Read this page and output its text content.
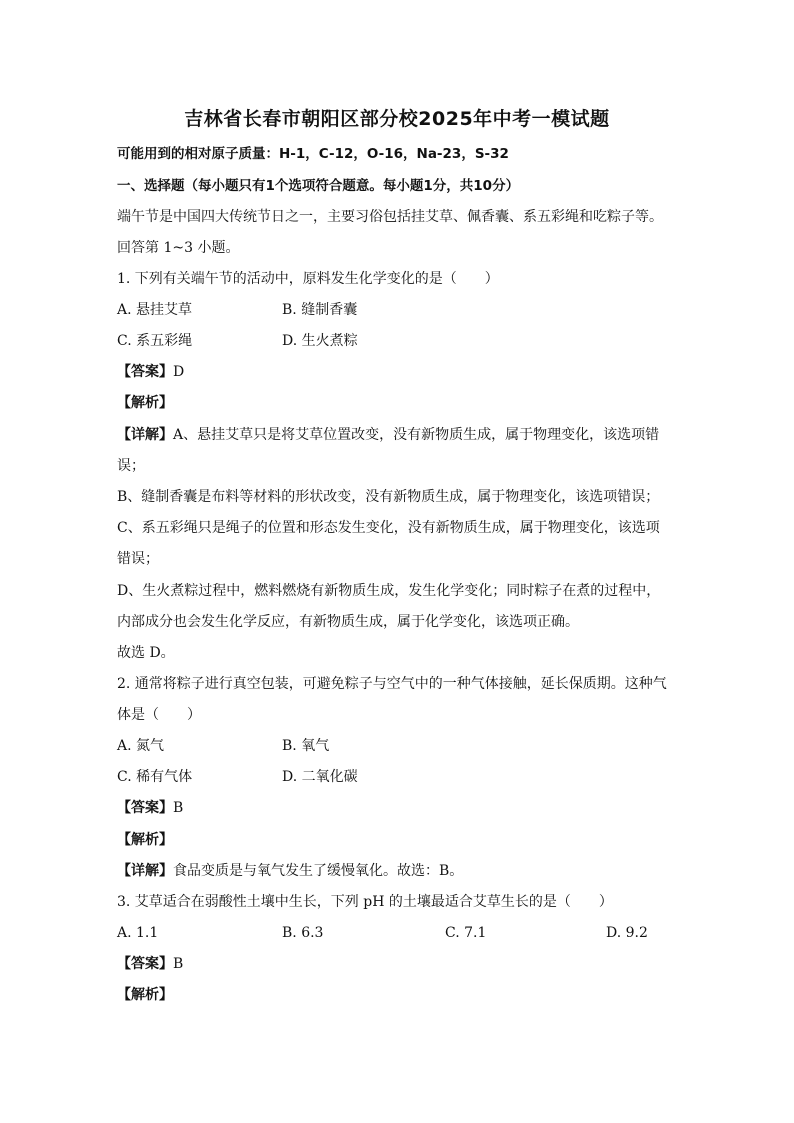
吉林省长春市朝阳区部分校2025年中考一模试题
可能用到的相对原子质量：H-1，C-12，O-16，Na-23，S-32
一、选择题（每小题只有1个选项符合题意。每小题1分，共10分）
端午节是中国四大传统节日之一，主要习俗包括挂艾草、佩香囊、系五彩绳和吃粽子等。
回答第 1~3 小题。
1. 下列有关端午节的活动中，原料发生化学变化的是（　　）
A. 悬挂艾草	B. 缝制香囊
C. 系五彩绳	D. 生火煮粽
【答案】D
【解析】
【详解】A、悬挂艾草只是将艾草位置改变，没有新物质生成，属于物理变化，该选项错
误；
B、缝制香囊是布料等材料的形状改变，没有新物质生成，属于物理变化，该选项错误；
C、系五彩绳只是绳子的位置和形态发生变化，没有新物质生成，属于物理变化，该选项
错误；
D、生火煮粽过程中，燃料燃烧有新物质生成，发生化学变化；同时粽子在煮的过程中，
内部成分也会发生化学反应，有新物质生成，属于化学变化，该选项正确。
故选 D。
2. 通常将粽子进行真空包装，可避免粽子与空气中的一种气体接触，延长保质期。这种气
体是（　　）
A. 氮气	B. 氧气
C. 稀有气体	D. 二氧化碳
【答案】B
【解析】
【详解】食品变质是与氧气发生了缓慢氧化。故选：B。
3. 艾草适合在弱酸性土壤中生长，下列 pH 的土壤最适合艾草生长的是（　　）
A. 1.1	B. 6.3	C. 7.1	D. 9.2
【答案】B
【解析】
